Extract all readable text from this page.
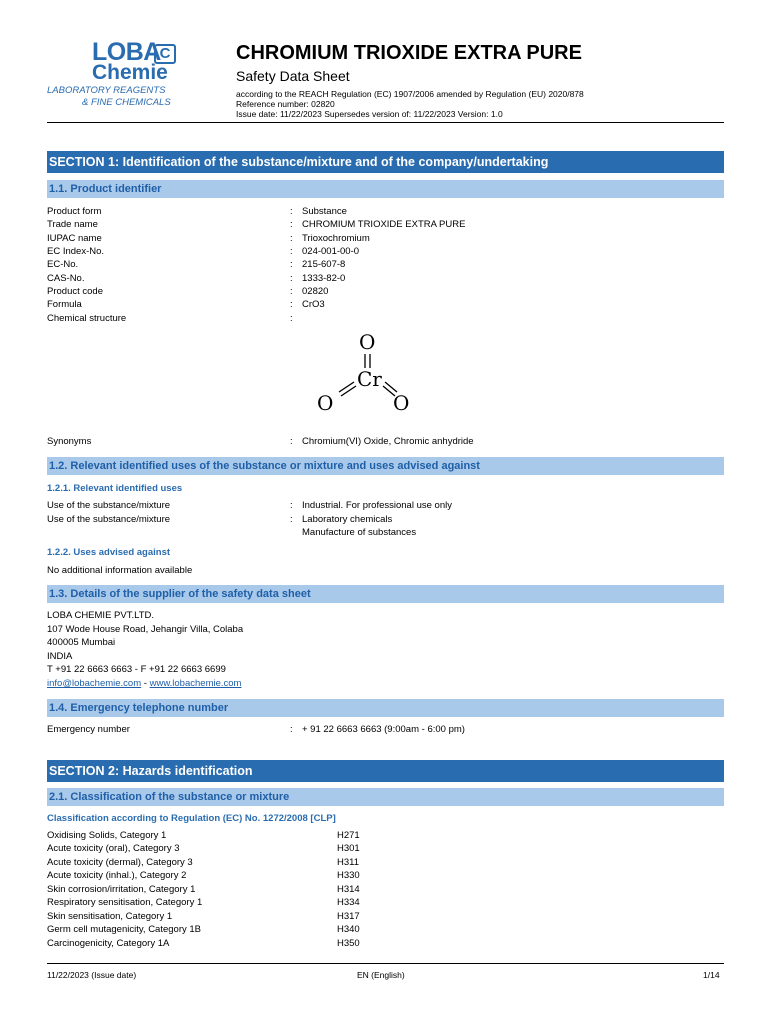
LOBA
C
Chemie
LABORATORY REAGENTS
& FINE CHEMICALS
CHROMIUM TRIOXIDE EXTRA PURE
Safety Data Sheet
according to the REACH Regulation (EC) 1907/2006 amended by Regulation (EU) 2020/878
Reference number: 02820
Issue date: 11/22/2023 Supersedes version of: 11/22/2023 Version: 1.0
SECTION 1: Identification of the substance/mixture and of the company/undertaking
1.1. Product identifier
Product form	: Substance
Trade name	: CHROMIUM TRIOXIDE EXTRA PURE
IUPAC name	: Trioxochromium
EC Index-No.	: 024-001-00-0
EC-No.	: 215-607-8
CAS-No.	: 1333-82-0
Product code	: 02820
Formula	: CrO3
Chemical structure	:
O
Cr
O	O
Synonyms	: Chromium(VI) Oxide, Chromic anhydride
1.2. Relevant identified uses of the substance or mixture and uses advised against
1.2.1. Relevant identified uses
Use of the substance/mixture	: Industrial. For professional use only
Use of the substance/mixture	: Laboratory chemicals
Manufacture of substances
1.2.2. Uses advised against
No additional information available
1.3. Details of the supplier of the safety data sheet
LOBA CHEMIE PVT.LTD.
107 Wode House Road, Jehangir Villa, Colaba
400005 Mumbai
INDIA
T +91 22 6663 6663 - F +91 22 6663 6699
info@lobachemie.com - www.lobachemie.com
1.4. Emergency telephone number
Emergency number	: + 91 22 6663 6663 (9:00am - 6:00 pm)
SECTION 2: Hazards identification
2.1. Classification of the substance or mixture
Classification according to Regulation (EC) No. 1272/2008 [CLP]
Oxidising Solids, Category 1	H271
Acute toxicity (oral), Category 3	H301
Acute toxicity (dermal), Category 3	H311
Acute toxicity (inhal.), Category 2	H330
Skin corrosion/irritation, Category 1	H314
Respiratory sensitisation, Category 1	H334
Skin sensitisation, Category 1	H317
Germ cell mutagenicity, Category 1B	H340
Carcinogenicity, Category 1A	H350
11/22/2023 (Issue date)	EN (English)	1/14
